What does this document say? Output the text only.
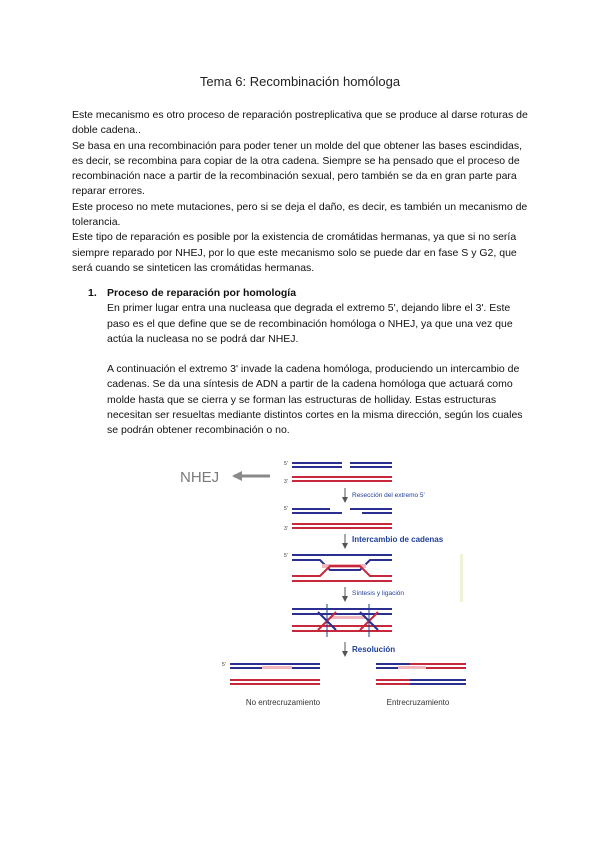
Tema 6: Recombinación homóloga

Este mecanismo es otro proceso de reparación postreplicativa que se produce al darse roturas de doble cadena..

Se basa en una recombinación para poder tener un molde del que obtener las bases escindidas, es decir, se recombina para copiar de la otra cadena. Siempre se ha pensado que el proceso de recombinación nace a partir de la recombinación sexual, pero también se da en gran parte para reparar errores.

Este proceso no mete mutaciones, pero si se deja el daño, es decir, es también un mecanismo de tolerancia.

Este tipo de reparación es posible por la existencia de cromátidas hermanas, ya que si no sería siempre reparado por NHEJ, por lo que este mecanismo solo se puede dar en fase S y G2, que será cuando se sinteticen las cromátidas hermanas.

1. Proceso de reparación por homología

En primer lugar entra una nucleasa que degrada el extremo 5', dejando libre el 3'. Este paso es el que define que se de recombinación homóloga o NHEJ, ya que una vez que actúa la nucleasa no se podrá dar NHEJ.

A continuación el extremo 3' invade la cadena homóloga, produciendo un intercambio de cadenas. Se da una síntesis de ADN a partir de la cadena homóloga que actuará como molde hasta que se cierra y se forman las estructuras de holliday. Estas estructuras necesitan ser resueltas mediante distintos cortes en la misma dirección, según los cuales se podrán obtener recombinación o no.

NHEJ
5'
3'
Resección del extremo 5'
5'
3'
Intercambio de cadenas
5'
Síntesis y ligación
Resolución
5'
No entrecruzamiento	Entrecruzamiento
